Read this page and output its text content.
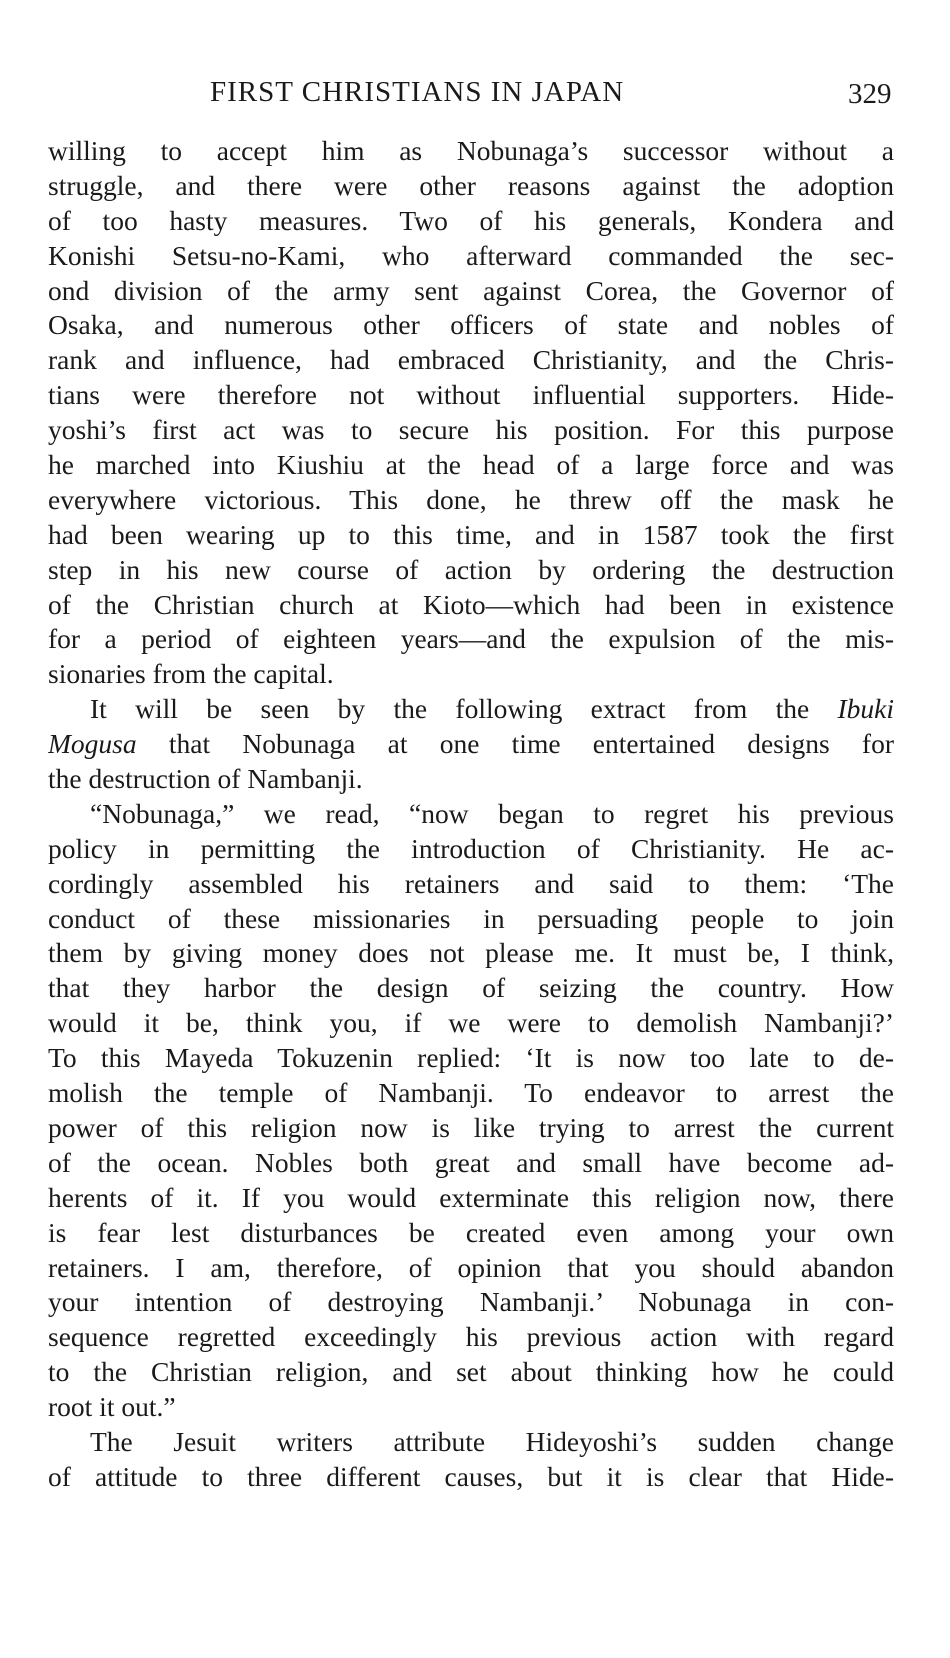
FIRST CHRISTIANS IN JAPAN	329
willing to accept him as Nobunaga’s successor without a
struggle, and there were other reasons against the adoption
of too hasty measures. Two of his generals, Kondera and
Konishi Setsu-no-Kami, who afterward commanded the sec-
ond division of the army sent against Corea, the Governor of
Osaka, and numerous other officers of state and nobles of
rank and influence, had embraced Christianity, and the Chris-
tians were therefore not without influential supporters. Hide-
yoshi’s first act was to secure his position. For this purpose
he marched into Kiushiu at the head of a large force and was
everywhere victorious. This done, he threw off the mask he
had been wearing up to this time, and in 1587 took the first
step in his new course of action by ordering the destruction
of the Christian church at Kioto—which had been in existence
for a period of eighteen years—and the expulsion of the mis-
sionaries from the capital.
It will be seen by the following extract from the Ibuki
Mogusa that Nobunaga at one time entertained designs for
the destruction of Nambanji.
“Nobunaga,” we read, “now began to regret his previous
policy in permitting the introduction of Christianity. He ac-
cordingly assembled his retainers and said to them: ‘The
conduct of these missionaries in persuading people to join
them by giving money does not please me. It must be, I think,
that they harbor the design of seizing the country. How
would it be, think you, if we were to demolish Nambanji?’
To this Mayeda Tokuzenin replied: ‘It is now too late to de-
molish the temple of Nambanji. To endeavor to arrest the
power of this religion now is like trying to arrest the current
of the ocean. Nobles both great and small have become ad-
herents of it. If you would exterminate this religion now, there
is fear lest disturbances be created even among your own
retainers. I am, therefore, of opinion that you should abandon
your intention of destroying Nambanji.’ Nobunaga in con-
sequence regretted exceedingly his previous action with regard
to the Christian religion, and set about thinking how he could
root it out.”
The Jesuit writers attribute Hideyoshi’s sudden change
of attitude to three different causes, but it is clear that Hide-
